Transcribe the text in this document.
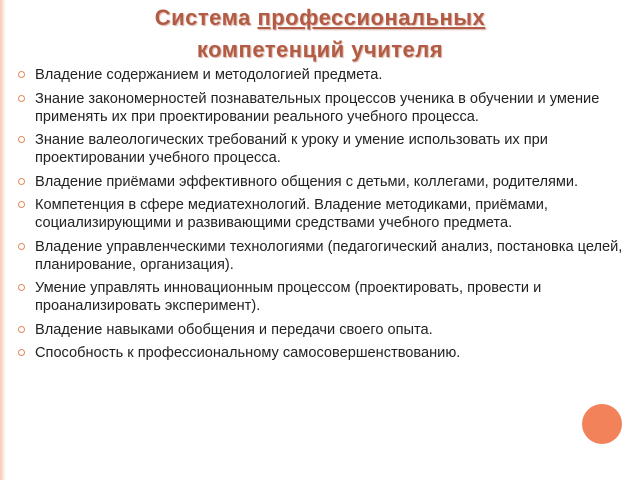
Система профессиональных
компетенций учителя
Владение содержанием и методологией предмета.
Знание закономерностей познавательных процессов ученика в обучении и умение применять их при проектировании реального учебного процесса.
Знание валеологических требований к уроку и умение использовать их при проектировании учебного процесса.
Владение приёмами эффективного общения с детьми, коллегами, родителями.
Компетенция в сфере медиатехнологий. Владение методиками, приёмами, социализирующими и развивающими средствами учебного предмета.
Владение управленческими технологиями (педагогический анализ, постановка целей, планирование, организация).
Умение управлять инновационным процессом (проектировать, провести и проанализировать эксперимент).
Владение навыками обобщения и передачи своего опыта.
Способность к профессиональному самосовершенствованию.
